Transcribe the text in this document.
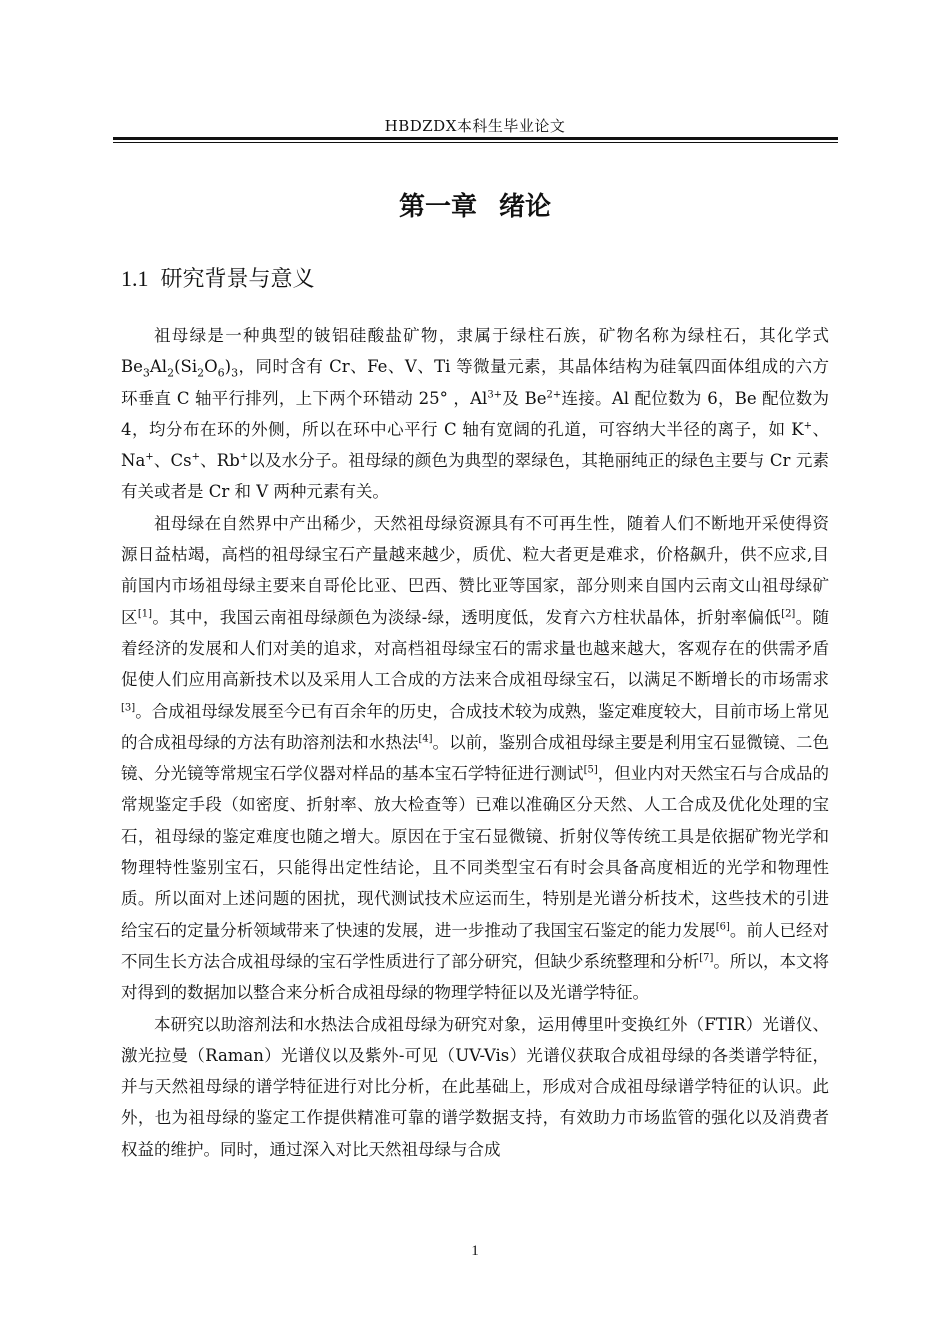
HBDZDX本科生毕业论文
第一章 绪论
1.1 研究背景与意义

祖母绿是一种典型的铍铝硅酸盐矿物，隶属于绿柱石族，矿物名称为绿柱石，其化学式 $Be_3Al_2(Si_2O_6)_3$，同时含有 Cr、Fe、V、Ti 等微量元素，其晶体结构为硅氧四面体组成的六方环垂直 C 轴平行排列，上下两个环错动 25° ，$Al^{3+}$及 $Be^{2+}$连接。Al 配位数为 6，Be 配位数为 4，均分布在环的外侧，所以在环中心平行 C 轴有宽阔的孔道，可容纳大半径的离子，如 K+、Na+、Cs+、Rb+以及水分子。祖母绿的颜色为典型的翠绿色，其艳丽纯正的绿色主要与 Cr 元素有关或者是 Cr 和 V 两种元素有关。

祖母绿在自然界中产出稀少，天然祖母绿资源具有不可再生性，随着人们不断地开采使得资源日益枯竭，高档的祖母绿宝石产量越来越少，质优、粒大者更是难求，价格飙升，供不应求,目前国内市场祖母绿主要来自哥伦比亚、巴西、赞比亚等国家，部分则来自国内云南文山祖母绿矿区[1]。其中，我国云南祖母绿颜色为淡绿-绿，透明度低，发育六方柱状晶体，折射率偏低[2]。随着经济的发展和人们对美的追求，对高档祖母绿宝石的需求量也越来越大，客观存在的供需矛盾促使人们应用高新技术以及采用人工合成的方法来合成祖母绿宝石，以满足不断增长的市场需求[3]。合成祖母绿发展至今已有百余年的历史，合成技术较为成熟，鉴定难度较大，目前市场上常见的合成祖母绿的方法有助溶剂法和水热法[4]。以前，鉴别合成祖母绿主要是利用宝石显微镜、二色镜、分光镜等常规宝石学仪器对样品的基本宝石学特征进行测试[5]，但业内对天然宝石与合成品的常规鉴定手段（如密度、折射率、放大检查等）已难以准确区分天然、人工合成及优化处理的宝石，祖母绿的鉴定难度也随之增大。原因在于宝石显微镜、折射仪等传统工具是依据矿物光学和物理特性鉴别宝石，只能得出定性结论，且不同类型宝石有时会具备高度相近的光学和物理性质。所以面对上述问题的困扰，现代测试技术应运而生，特别是光谱分析技术，这些技术的引进给宝石的定量分析领域带来了快速的发展，进一步推动了我国宝石鉴定的能力发展[6]。前人已经对不同生长方法合成祖母绿的宝石学性质进行了部分研究，但缺少系统整理和分析[7]。所以，本文将对得到的数据加以整合来分析合成祖母绿的物理学特征以及光谱学特征。

本研究以助溶剂法和水热法合成祖母绿为研究对象，运用傅里叶变换红外（FTIR）光谱仪、激光拉曼（Raman）光谱仪以及紫外-可见（UV-Vis）光谱仪获取合成祖母绿的各类谱学特征，并与天然祖母绿的谱学特征进行对比分析，在此基础上，形成对合成祖母绿谱学特征的认识。此外，也为祖母绿的鉴定工作提供精准可靠的谱学数据支持，有效助力市场监管的强化以及消费者权益的维护。同时，通过深入对比天然祖母绿与合成

1
